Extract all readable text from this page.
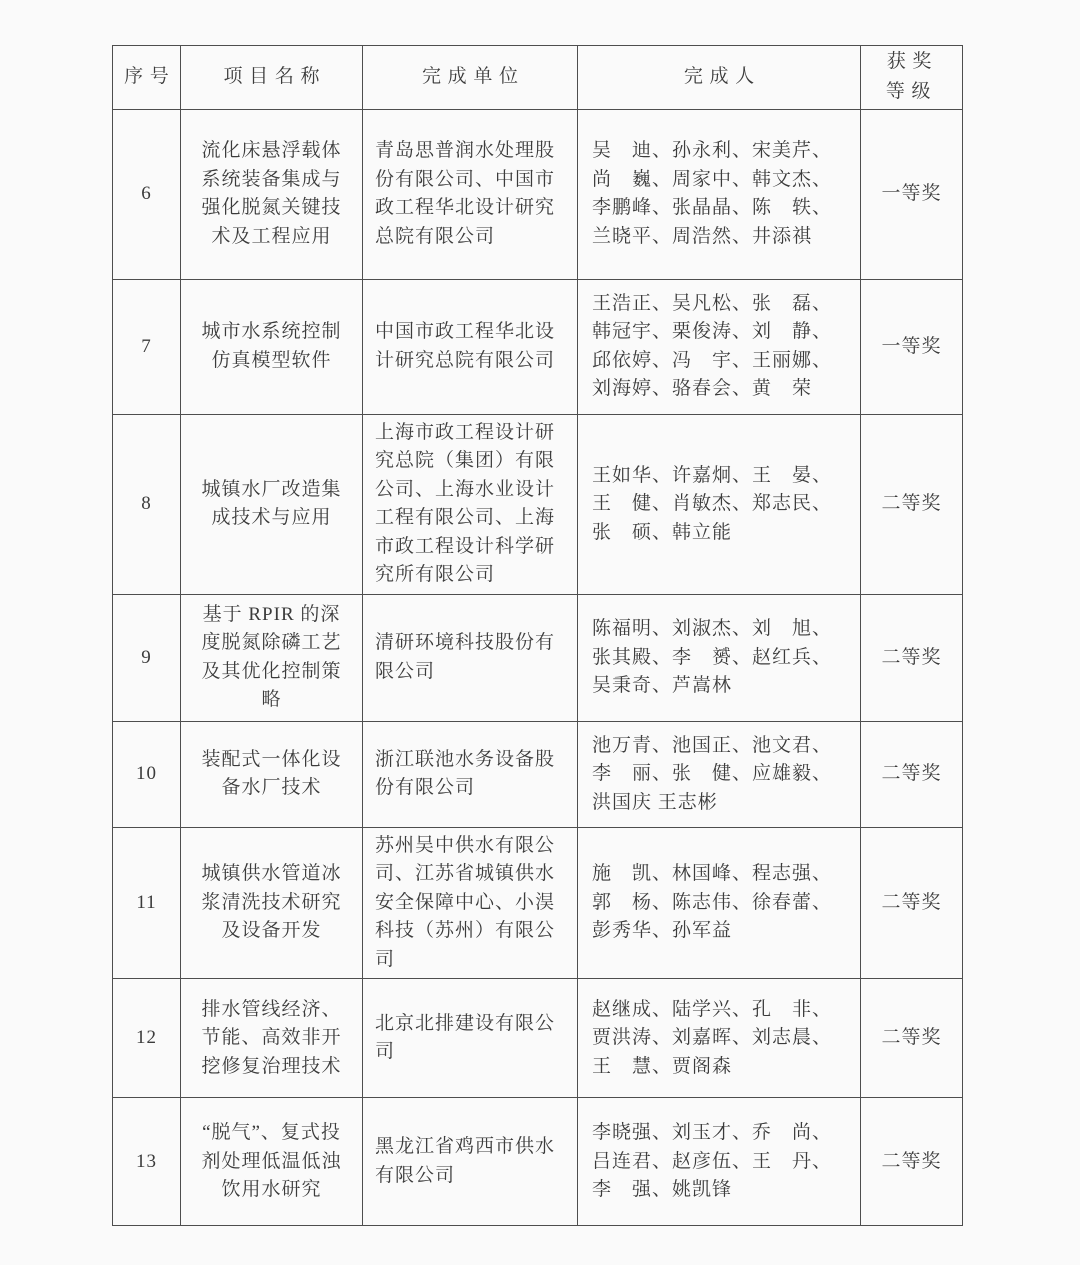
序号	项目名称	完成单位	完成人	获奖等级

6	流化床悬浮载体系统装备集成与强化脱氮关键技术及工程应用	青岛思普润水处理股份有限公司、中国市政工程华北设计研究总院有限公司	吴　迪、孙永利、宋美芹、尚　巍、周家中、韩文杰、李鹏峰、张晶晶、陈　轶、兰晓平、周浩然、井添祺	一等奖
7	城市水系统控制仿真模型软件	中国市政工程华北设计研究总院有限公司	王浩正、吴凡松、张　磊、韩冠宇、栗俊涛、刘　静、邱依婷、冯　宇、王丽娜、刘海婷、骆春会、黄　荣	一等奖
8	城镇水厂改造集成技术与应用	上海市政工程设计研究总院（集团）有限公司、上海水业设计工程有限公司、上海市政工程设计科学研究所有限公司	王如华、许嘉炯、王　晏、王　健、肖敏杰、郑志民、张　硕、韩立能	二等奖
9	基于 RPIR 的深度脱氮除磷工艺及其优化控制策略	清研环境科技股份有限公司	陈福明、刘淑杰、刘　旭、张其殿、李　赟、赵红兵、吴秉奇、芦嵩林	二等奖
10	装配式一体化设备水厂技术	浙江联池水务设备股份有限公司	池万青、池国正、池文君、李　丽、张　健、应雄毅、洪国庆 王志彬	二等奖
11	城镇供水管道冰浆清洗技术研究及设备开发	苏州吴中供水有限公司、江苏省城镇供水安全保障中心、小淏科技（苏州）有限公司	施　凯、林国峰、程志强、郭　杨、陈志伟、徐春蕾、彭秀华、孙军益	二等奖
12	排水管线经济、节能、高效非开挖修复治理技术	北京北排建设有限公司	赵继成、陆学兴、孔　非、贾洪涛、刘嘉晖、刘志晨、王　慧、贾阁森	二等奖
13	“脱气”、复式投剂处理低温低浊饮用水研究	黑龙江省鸡西市供水有限公司	李晓强、刘玉才、乔　尚、吕连君、赵彦伍、王　丹、李　强、姚凯锋	二等奖
